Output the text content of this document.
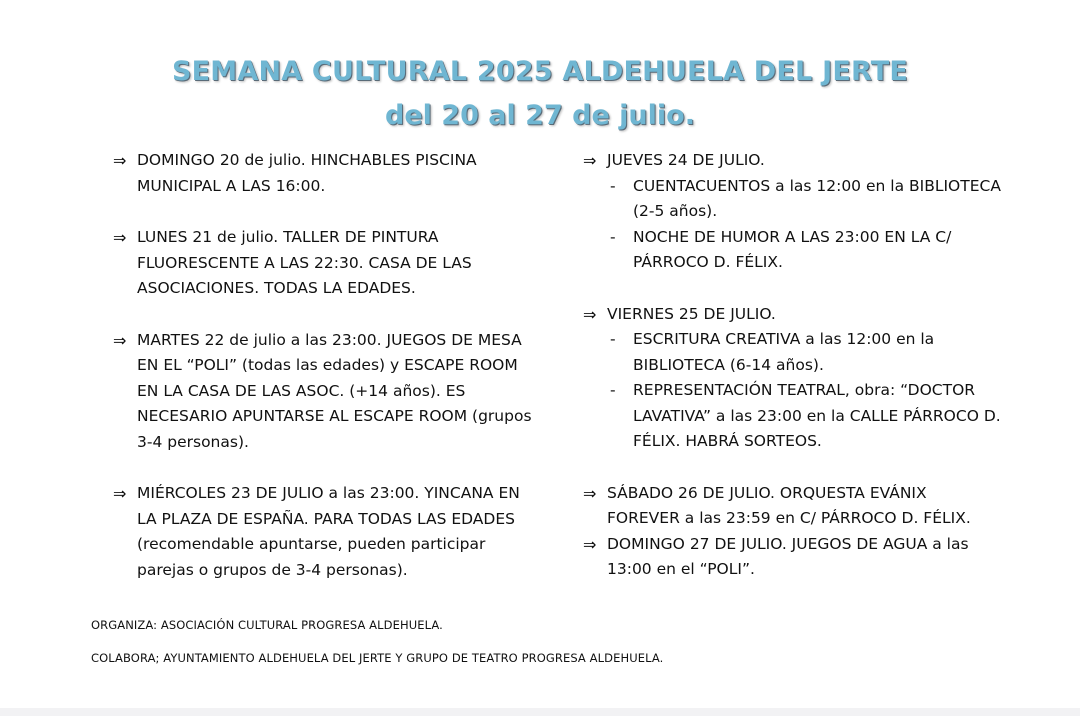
SEMANA CULTURAL 2025 ALDEHUELA DEL JERTE
del 20 al 27 de julio.
⇒ DOMINGO 20 de julio. HINCHABLES PISCINA MUNICIPAL A LAS 16:00.
⇒ LUNES 21 de julio. TALLER DE PINTURA FLUORESCENTE A LAS 22:30. CASA DE LAS ASOCIACIONES. TODAS LA EDADES.
⇒ MARTES 22 de julio a las 23:00. JUEGOS DE MESA EN EL “POLI” (todas las edades) y ESCAPE ROOM EN LA CASA DE LAS ASOC. (+14 años). ES NECESARIO APUNTARSE AL ESCAPE ROOM (grupos 3-4 personas).
⇒ MIÉRCOLES 23 DE JULIO a las 23:00. YINCANA EN LA PLAZA DE ESPAÑA. PARA TODAS LAS EDADES (recomendable apuntarse, pueden participar parejas o grupos de 3-4 personas).
⇒ JUEVES 24 DE JULIO.
- CUENTACUENTOS a las 12:00 en la BIBLIOTECA (2-5 años).
- NOCHE DE HUMOR A LAS 23:00 EN LA C/ PÁRROCO D. FÉLIX.
⇒ VIERNES 25 DE JULIO.
- ESCRITURA CREATIVA a las 12:00 en la BIBLIOTECA (6-14 años).
- REPRESENTACIÓN TEATRAL, obra: “DOCTOR LAVATIVA” a las 23:00 en la CALLE PÁRROCO D. FÉLIX. HABRÁ SORTEOS.
⇒ SÁBADO 26 DE JULIO. ORQUESTA EVÁNIX FOREVER a las 23:59 en C/ PÁRROCO D. FÉLIX.
⇒ DOMINGO 27 DE JULIO. JUEGOS DE AGUA a las 13:00 en el “POLI”.
ORGANIZA: ASOCIACIÓN CULTURAL PROGRESA ALDEHUELA.
COLABORA; AYUNTAMIENTO ALDEHUELA DEL JERTE Y GRUPO DE TEATRO PROGRESA ALDEHUELA.
